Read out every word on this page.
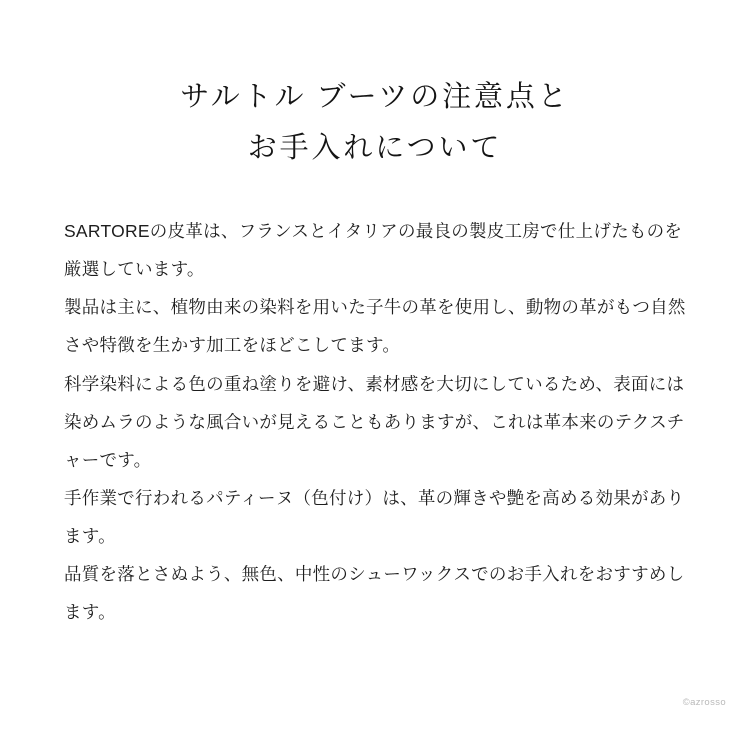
サルトル ブーツの注意点と
お手入れについて

SARTOREの皮革は、フランスとイタリアの最良の製皮工房で仕上げたものを厳選しています。

製品は主に、植物由来の染料を用いた子牛の革を使用し、動物の革がもつ自然さや特徴を生かす加工をほどこしてます。

科学染料による色の重ね塗りを避け、素材感を大切にしているため、表面には染めムラのような風合いが見えることもありますが、これは革本来のテクスチャーです。

手作業で行われるパティーヌ（色付け）は、革の輝きや艶を高める効果があります。

品質を落とさぬよう、無色、中性のシューワックスでのお手入れをおすすめします。

©azrosso
